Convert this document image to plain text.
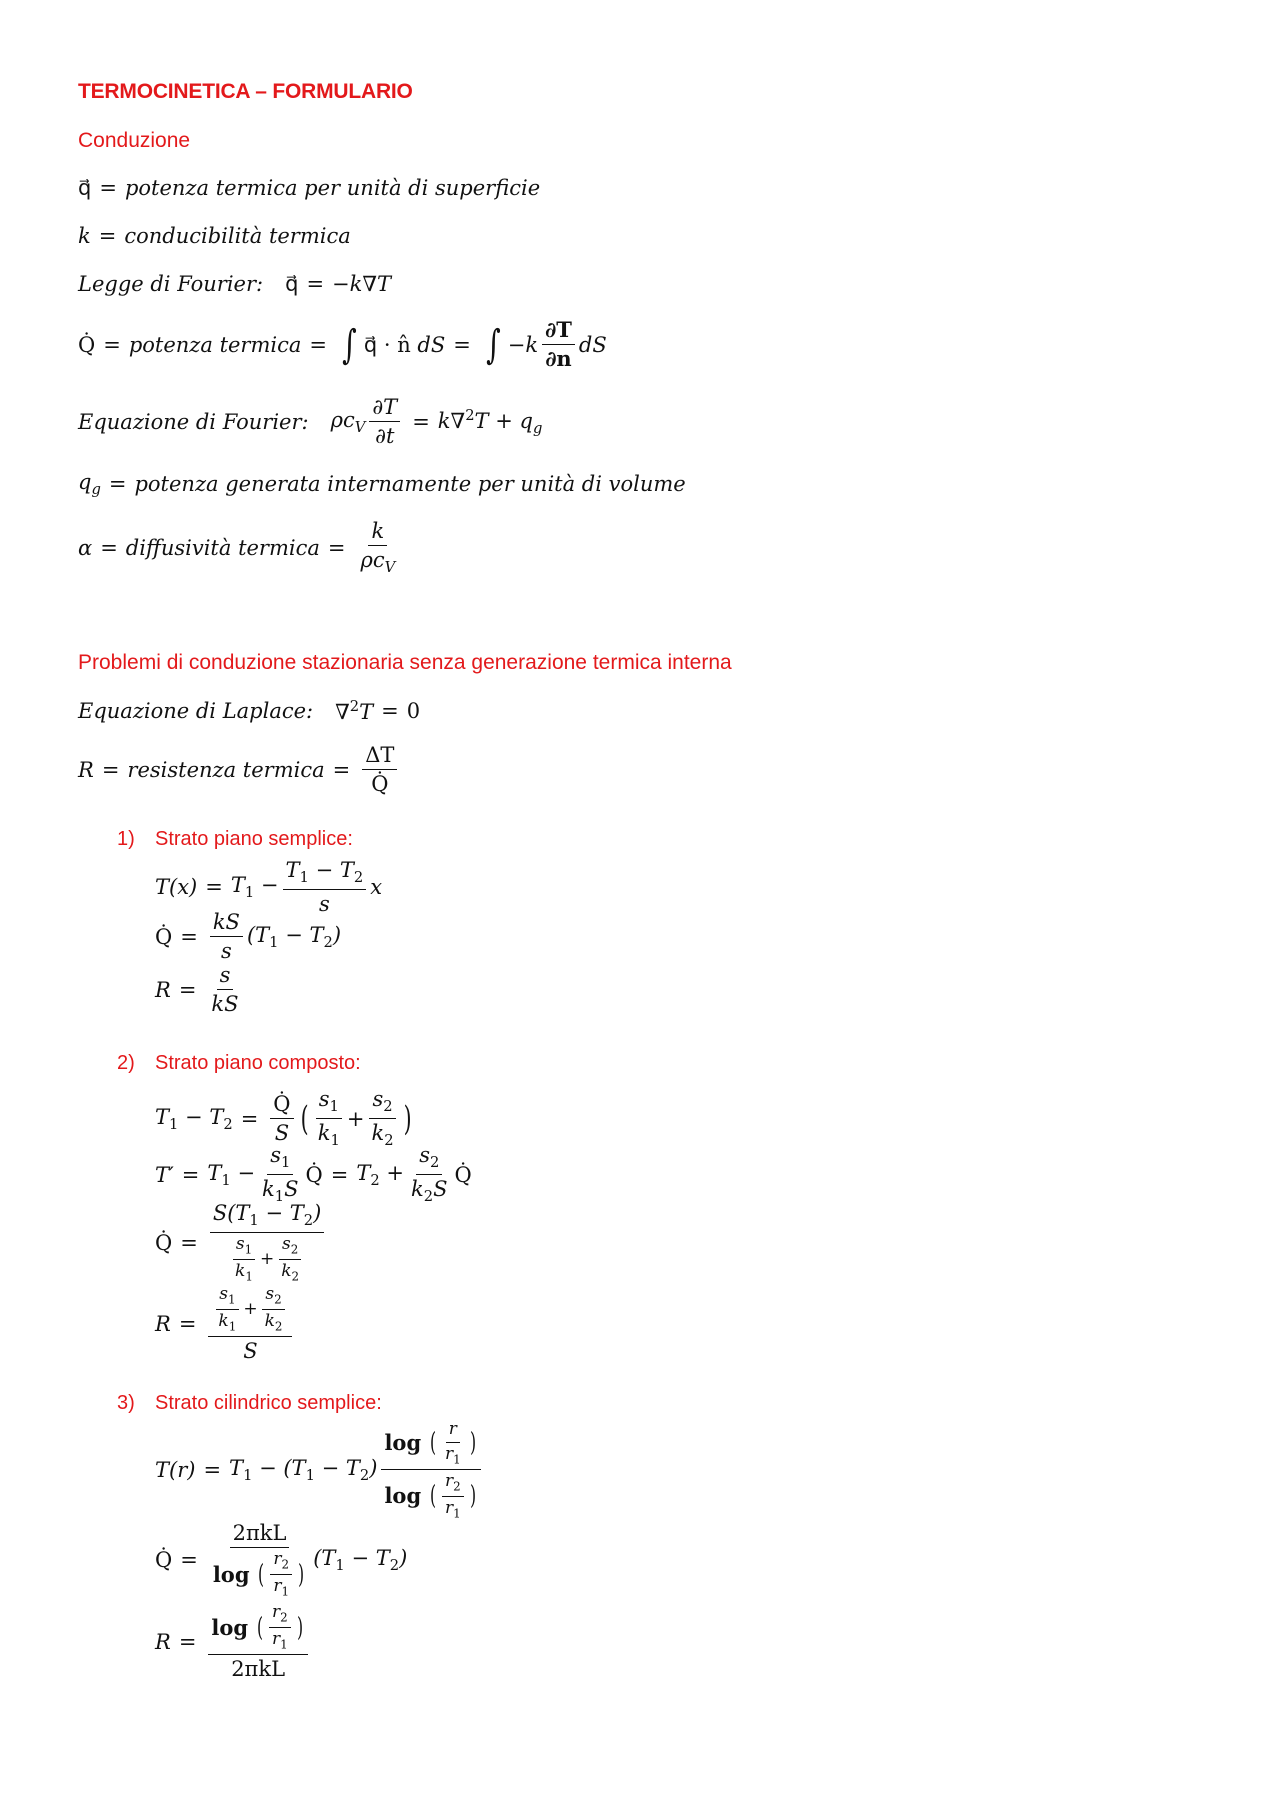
TERMOCINETICA – FORMULARIO
Conduzione
q⃗ = potenza termica per unità di superficie
k = conducibilità termica
Legge di Fourier: q⃗ = −k∇T
Q̇ = potenza termica = ∫ q⃗ · n̂
dS = ∫ $-k \frac{\partial T}{\partial n}$ dS
Equazione di Fourier: $\rho c_V \frac{\partial T}{\partial t} = k\nabla^2T + q_g$
$q_g$ = potenza generata internamente per unità di volume
α = diffusività termica = $\frac{k}{\rho c_V}$
Problemi di conduzione stazionaria senza generazione termica interna
Equazione di Laplace: ∇$^2$T = 0
R = resistenza termica = $\frac{\Delta T}{Q̇}$
1) Strato piano semplice:
$T(x) = T_1 - \frac{T_1 - T_2}{s}$ x
Q̇ = $\frac{kS}{s} (T_1 - T_2)$
$R = \frac{s}{kS}$
2) Strato piano composto:
$T_1 - T_2 = \frac{Q̇}{S}$ ( $\frac{s_1}{k_1} + \frac{s_2}{k_2}$ )
$T' = T_1 - \frac{s_1}{k_1S}$ Q̇ = $T_2 + \frac{s_2}{k_2S}$ Q̇
Q̇ = $\frac{S(T_1 - T_2)}{\frac{s_1}{k_1} + \frac{s_2}{k_2}}$
$R = \frac{\frac{s_1}{k_1} + \frac{s_2}{k_2}}{S}$
3) Strato cilindrico semplice:
$T(r) = T_1 - (T_1 - T_2)$ log
( $\frac{r}{r_1}$ )
log
( $\frac{r_2}{r_1}$ )
Q̇ = 2πkL
log
( $\frac{r_2}{r_1}$ ) $(T_1 - T_2)$
R = log
( $\frac{r_2}{r_1}$ )
2πkL
